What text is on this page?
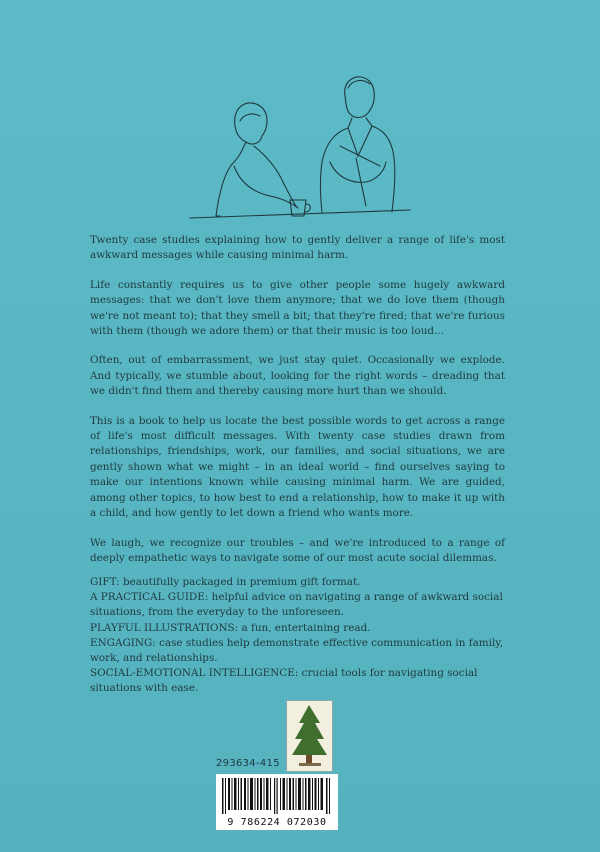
Twenty case studies explaining how to gently deliver a range of life's most awkward messages while causing minimal harm.

Life constantly requires us to give other people some hugely awkward messages: that we don't love them anymore; that we do love them (though we're not meant to); that they smell a bit; that they're fired; that we're furious with them (though we adore them) or that their music is too loud...

Often, out of embarrassment, we just stay quiet. Occasionally we explode. And typically, we stumble about, looking for the right words – dreading that we didn't find them and thereby causing more hurt than we should.

This is a book to help us locate the best possible words to get across a range of life's most difficult messages. With twenty case studies drawn from relationships, friendships, work, our families, and social situations, we are gently shown what we might – in an ideal world – find ourselves saying to make our intentions known while causing minimal harm. We are guided, among other topics, to how best to end a relationship, how to make it up with a child, and how gently to let down a friend who wants more.

We laugh, we recognize our troubles – and we're introduced to a range of deeply empathetic ways to navigate some of our most acute social dilemmas.

GIFT: beautifully packaged in premium gift format.
A PRACTICAL GUIDE: helpful advice on navigating a range of awkward social situations, from the everyday to the unforeseen.
PLAYFUL ILLUSTRATIONS: a fun, entertaining read.
ENGAGING: case studies help demonstrate effective communication in family, work, and relationships.
SOCIAL-EMOTIONAL INTELLIGENCE: crucial tools for navigating social situations with ease.
293634-415
9 786224 072030
